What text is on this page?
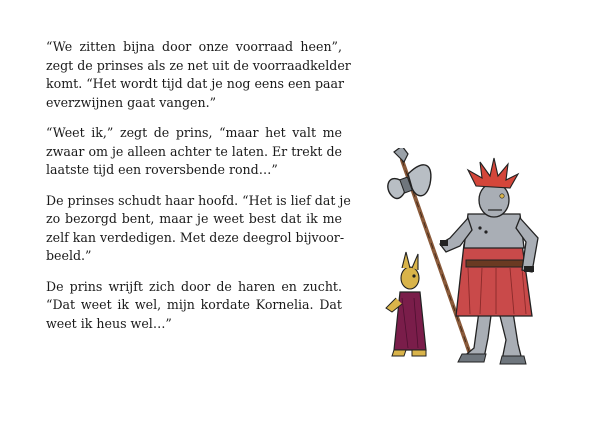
“We zitten bijna door onze voorraad heen”,
zegt de prinses als ze net uit de voorraadkelder
komt. “Het wordt tijd dat je nog eens een paar
everzwijnen gaat vangen.”

“Weet ik,” zegt de prins, “maar het valt me
zwaar om je alleen achter te laten. Er trekt de
laatste tijd een roversbende rond…”

De prinses schudt haar hoofd. “Het is lief dat je
zo bezorgd bent, maar je weet best dat ik me
zelf kan verdedigen. Met deze deegrol bijvoor-
beeld.”

De prins wrijft zich door de haren en zucht.
“Dat weet ik wel, mijn kordate Kornelia. Dat
weet ik heus wel…”
